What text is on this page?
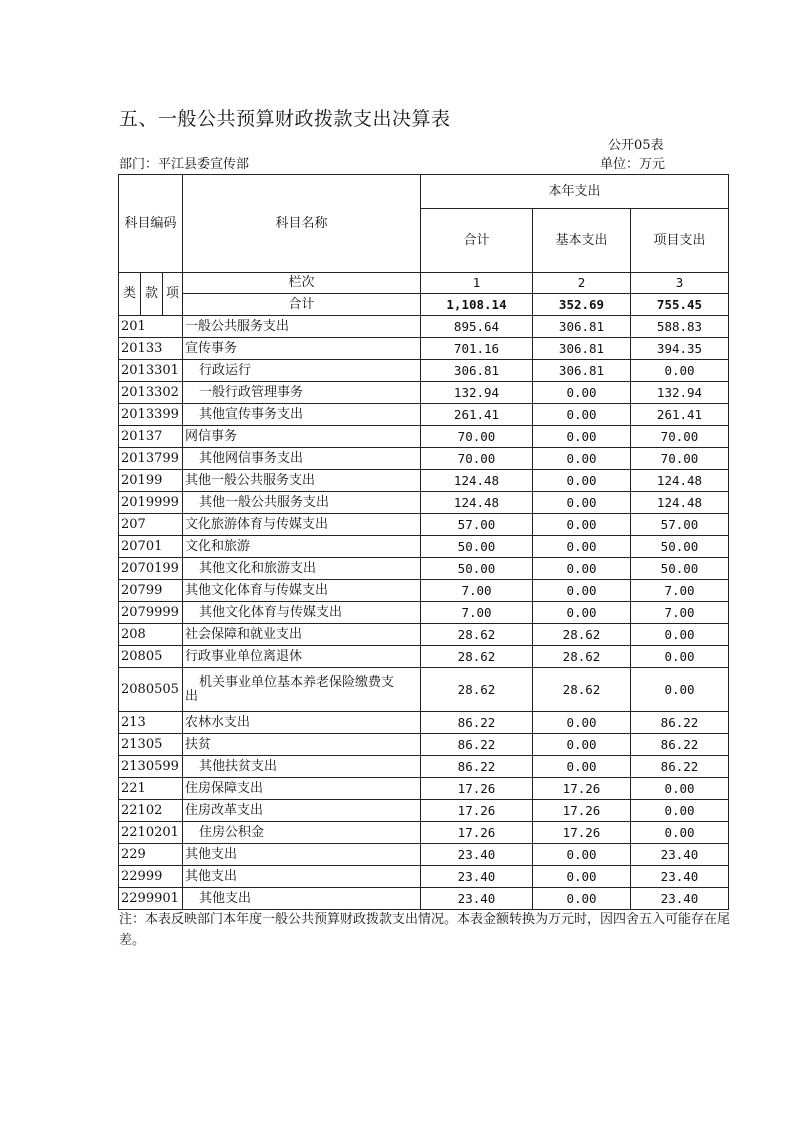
五、一般公共预算财政拨款支出决算表
公开05表
部门：平江县委宣传部	单位：万元
科目编码			科目名称	本年支出		
				合计	基本支出	项目支出

类	款	项	栏次	1	2	3
			合计	1,108.14	352.69	755.45
201			一般公共服务支出	895.64	306.81	588.83
20133			宣传事务	701.16	306.81	394.35
2013301			行政运行	306.81	306.81	0.00
2013302			一般行政管理事务	132.94	0.00	132.94
2013399			其他宣传事务支出	261.41	0.00	261.41
20137			网信事务	70.00	0.00	70.00
2013799			其他网信事务支出	70.00	0.00	70.00
20199			其他一般公共服务支出	124.48	0.00	124.48
2019999			其他一般公共服务支出	124.48	0.00	124.48
207			文化旅游体育与传媒支出	57.00	0.00	57.00
20701			文化和旅游	50.00	0.00	50.00
2070199			其他文化和旅游支出	50.00	0.00	50.00
20799			其他文化体育与传媒支出	7.00	0.00	7.00
2079999			其他文化体育与传媒支出	7.00	0.00	7.00
208			社会保障和就业支出	28.62	28.62	0.00
20805			行政事业单位离退休	28.62	28.62	0.00
2080505			机关事业单位基本养老保险缴费支
出	28.62	28.62	0.00
213			农林水支出	86.22	0.00	86.22
21305			扶贫	86.22	0.00	86.22
2130599			其他扶贫支出	86.22	0.00	86.22
221			住房保障支出	17.26	17.26	0.00
22102			住房改革支出	17.26	17.26	0.00
2210201			住房公积金	17.26	17.26	0.00
229			其他支出	23.40	0.00	23.40
22999			其他支出	23.40	0.00	23.40
2299901			其他支出	23.40	0.00	23.40
注：本表反映部门本年度一般公共预算财政拨款支出情况。本表金额转换为万元时，因四舍五入可能存在尾差。
